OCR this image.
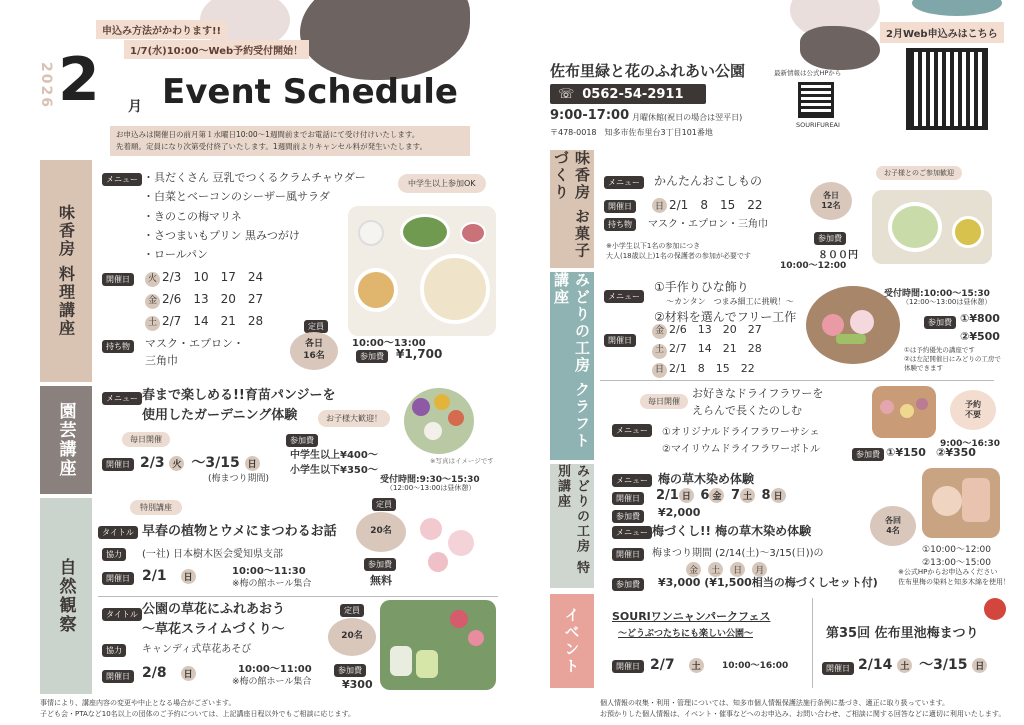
申込み方法がかわります!!
1/7(水)10:00〜Web予約受付開始！
2026 2 月 Event Schedule
お申込みは開催日の前月第１水曜日10:00〜1週間前までお電話にて受け付けいたします。
先着順。定員になり次第受付終了いたします。1週間前よりキャンセル料が発生いたします。
味香房 料理講座
メニュー ・具だくさん 豆乳でつくるクラムチャウダー
・白菜とベーコンのシーザー風サラダ
・きのこの梅マリネ
・さつまいもプリン 黒みつがけ
・ロールパン
中学生以上参加OK
開催日	火 2/3　10　17　24
金 2/6　13　20　27
土 2/7　14　21　28
持ち物	マスク・エプロン・
三角巾
定員
各日
16名
10:00〜13:00
参加費	¥1,700
園芸講座
メニュー 春まで楽しめる!!育苗パンジーを
使用したガーデニング体験	お子様大歓迎！
※写真はイメージです
毎日開催
開催日 2/3 火 〜3/15 日
(梅まつり期間)
参加費
中学生以上¥400〜
小学生以下¥350〜
受付時間:9:30〜15:30
（12:00〜13:00は昼休憩）
自然観察
特別講座
タイトル 早春の植物とウメにまつわるお話
協力	(一社) 日本樹木医会愛知県支部
開催日 2/1　 日
10:00〜11:30
※梅の館ホール集合
定員
20名
参加費
無料
タイトル 公園の草花にふれあおう
〜草花スライムづくり〜
協力	キャンディ式草花あそび
開催日 2/8　 日	10:00〜11:00
※梅の館ホール集合
定員
20名
参加費
¥300
事情により、講座内容の変更や中止となる場合がございます。
子ども会・PTAなど10名以上の団体のご予約については、上記講座日程以外でもご相談に応じます。
2月Web申込みはこちら
佐布里緑と花のふれあい公園
☏ 0562-54-2911
最新情報は公式HPから
SOURIFUREAI
9:00-17:00 月曜休館(祝日の場合は翌平日)
〒478-0018　知多市佐布里台3丁目101番地
味香房 お菓子づくり	メニュー	かんたんおこしもの
開催日	日 2/1　8　15　22
持ち物	マスク・エプロン・三角巾
各日
12名
参加費
８００円
10:00〜12:00
お子様とのご参加歓迎
※小学生以下1名の参加につき
大人(18歳以上)1名の保護者の参加が必要です
みどりの工房 クラフト講座	メニュー
①手作りひな飾り
〜カンタン　つまみ細工に挑戦！〜
②材料を選んでフリー工作
開催日
金 2/6　13　20　27
土 2/7　14　21　28
日 2/1　8　15　22
受付時間:10:00〜15:30
（12:00〜13:00は昼休憩）
参加費 ①¥800
②¥500
①は予約優先の講座です
②は左記開催日にみどりの工房で体験できます
毎日開催
お好きなドライフラワーを
えらんで長くたのしむ
メニュー	①オリジナルドライフラワーサシェ
②マイリウムドライフラワーボトル
予約
不要
9:00〜16:30
参加費 ①¥150 ②¥350
みどりの工房 特別講座	メニュー 梅の草木染め体験
開催日	2/1 日 6 金 7 土 8 日
参加費	¥2,000
メニュー 梅づくし!! 梅の草木染め体験
開催日	梅まつり期間 (2/14(土)〜3/15(日))の
金 土 日 月
参加費	¥3,000 (¥1,500相当の梅づくしセット付)
各回
4名
①10:00〜12:00
②13:00〜15:00
※公式HPからお申込みください
佐布里梅の染料と知多木綿を使用！
イベント	SOURIワンニャンパークフェス
〜どうぶつたちにも楽しい公園〜
開催日 2/7　 土	10:00〜16:00
第35回 佐布里池梅まつり
開催日 2/14 土 〜3/15 日
個人情報の収集・利用・管理については、知多市個人情報保護法施行条例に基づき、適正に取り扱っています。
お預かりした個人情報は、イベント・催事などへのお申込み、お問い合わせ、ご相談に関する回答などに適切に利用いたします。
